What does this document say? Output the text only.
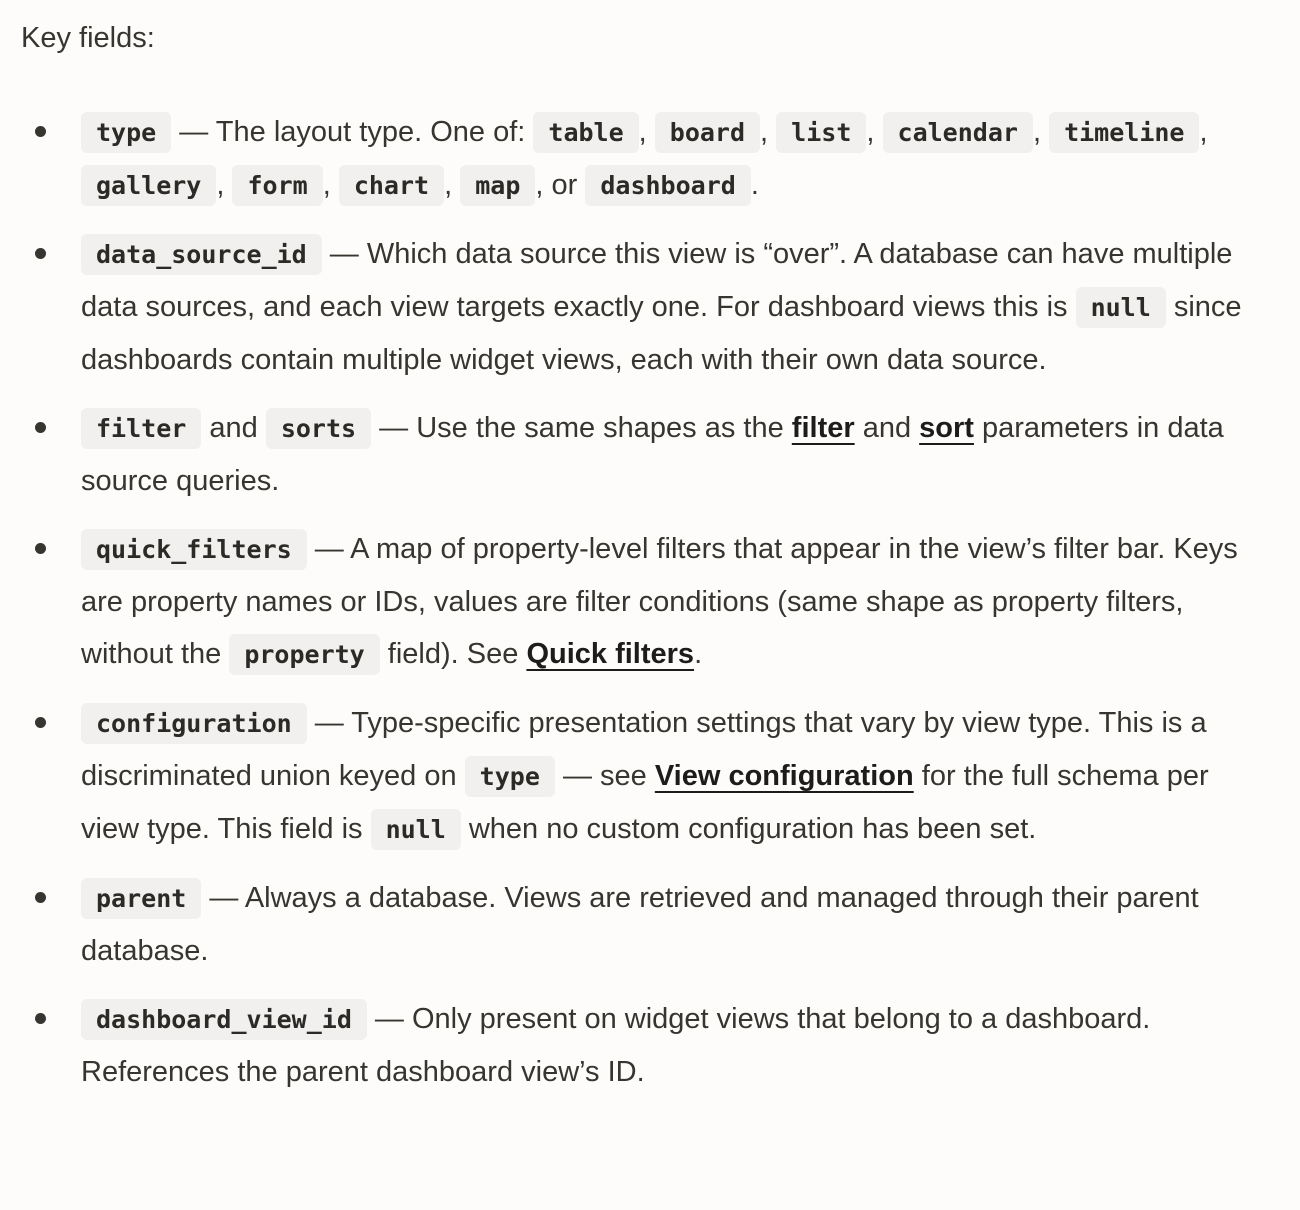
Key fields:

type — The layout type. One of: table , board , list , calendar , timeline , gallery , form , chart , map , or dashboard .
data_source_id — Which data source this view is “over”. A database can have multiple data sources, and each view targets exactly one. For dashboard views this is null since dashboards contain multiple widget views, each with their own data source.
filter and sorts — Use the same shapes as the filter and sort parameters in data source queries.
quick_filters — A map of property-level filters that appear in the view’s filter bar. Keys are property names or IDs, values are filter conditions (same shape as property filters, without the property field). See Quick filters.
configuration — Type-specific presentation settings that vary by view type. This is a discriminated union keyed on type — see View configuration for the full schema per view type. This field is null when no custom configuration has been set.
parent — Always a database. Views are retrieved and managed through their parent database.
dashboard_view_id — Only present on widget views that belong to a dashboard. References the parent dashboard view’s ID.
